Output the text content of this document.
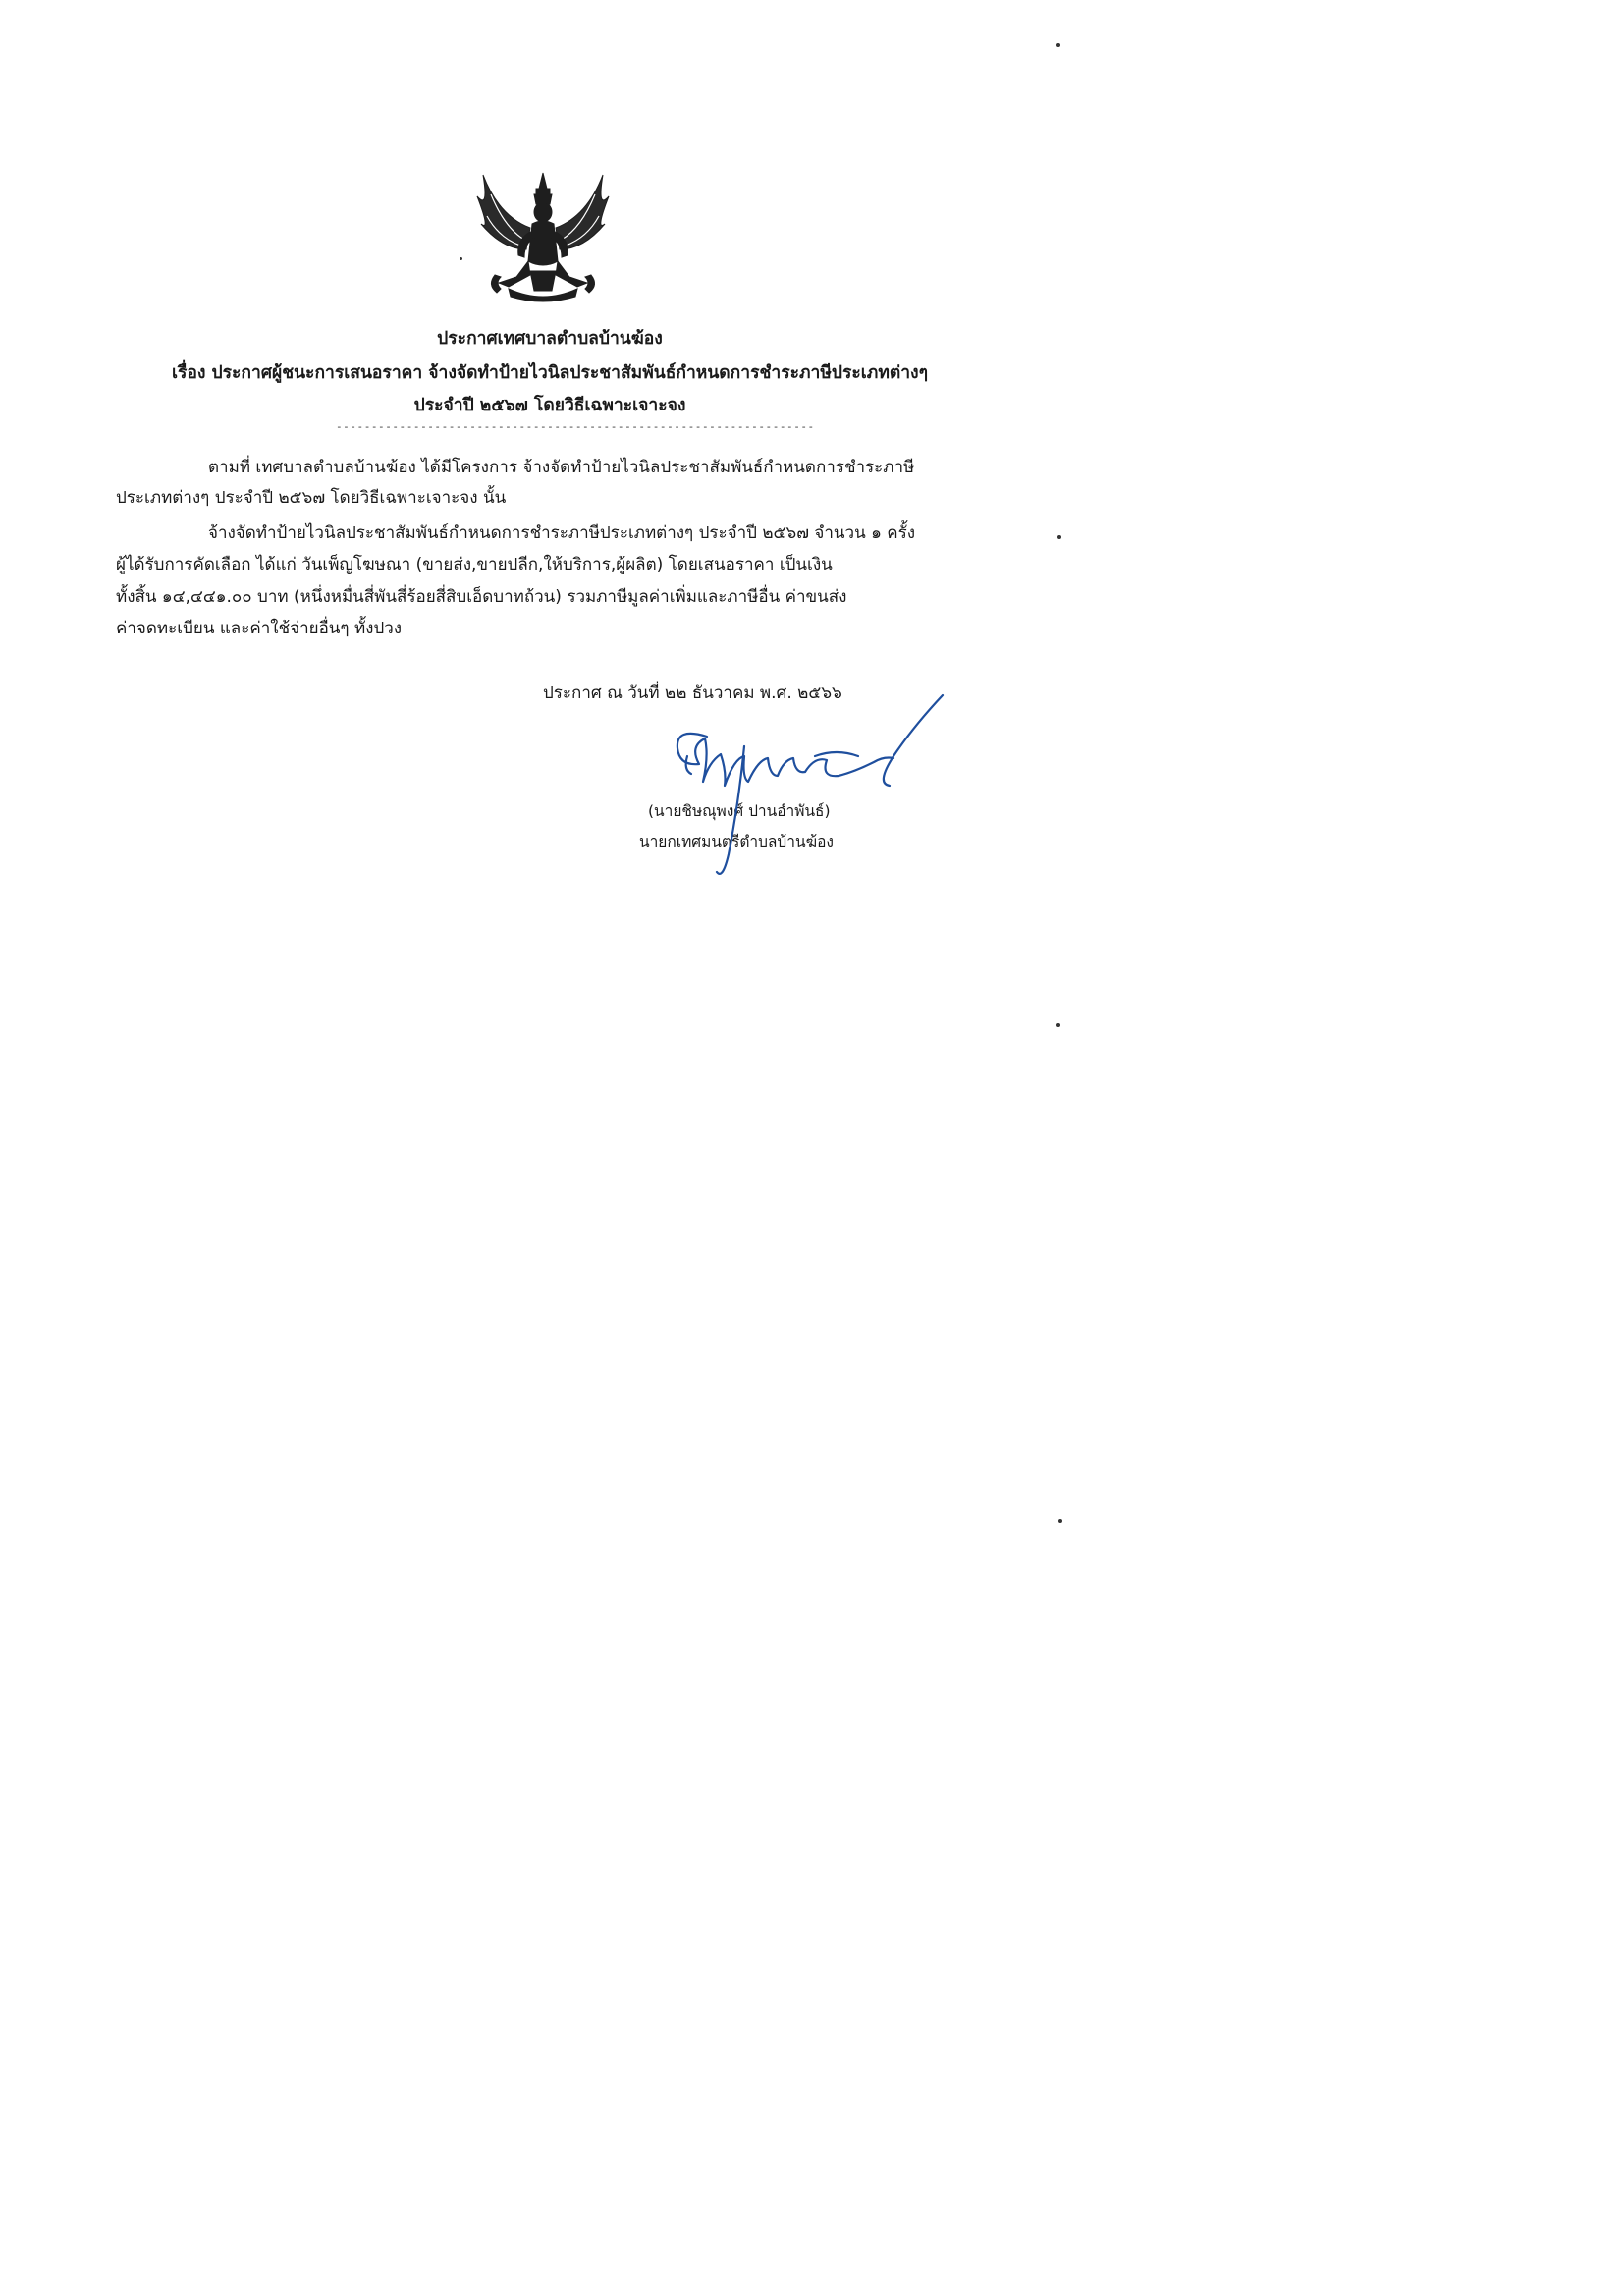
ประกาศเทศบาลตำบลบ้านฆ้อง
เรื่อง ประกาศผู้ชนะการเสนอราคา จ้างจัดทำป้ายไวนิลประชาสัมพันธ์กำหนดการชำระภาษีประเภทต่างๆ
ประจำปี ๒๕๖๗ โดยวิธีเฉพาะเจาะจง
--------------------------------------------------------------------
ตามที่ เทศบาลตำบลบ้านฆ้อง ได้มีโครงการ จ้างจัดทำป้ายไวนิลประชาสัมพันธ์กำหนดการชำระภาษี
ประเภทต่างๆ ประจำปี ๒๕๖๗ โดยวิธีเฉพาะเจาะจง นั้น
จ้างจัดทำป้ายไวนิลประชาสัมพันธ์กำหนดการชำระภาษีประเภทต่างๆ ประจำปี ๒๕๖๗ จำนวน ๑ ครั้ง
ผู้ได้รับการคัดเลือก ได้แก่ วันเพ็ญโฆษณา (ขายส่ง,ขายปลีก,ให้บริการ,ผู้ผลิต) โดยเสนอราคา เป็นเงิน
ทั้งสิ้น ๑๔,๔๔๑.๐๐ บาท (หนึ่งหมื่นสี่พันสี่ร้อยสี่สิบเอ็ดบาทถ้วน) รวมภาษีมูลค่าเพิ่มและภาษีอื่น ค่าขนส่ง
ค่าจดทะเบียน และค่าใช้จ่ายอื่นๆ ทั้งปวง
ประกาศ ณ วันที่ ๒๒ ธันวาคม พ.ศ. ๒๕๖๖
(นายชิษณุพงศ์ ปานอำพันธ์)
นายกเทศมนตรีตำบลบ้านฆ้อง
